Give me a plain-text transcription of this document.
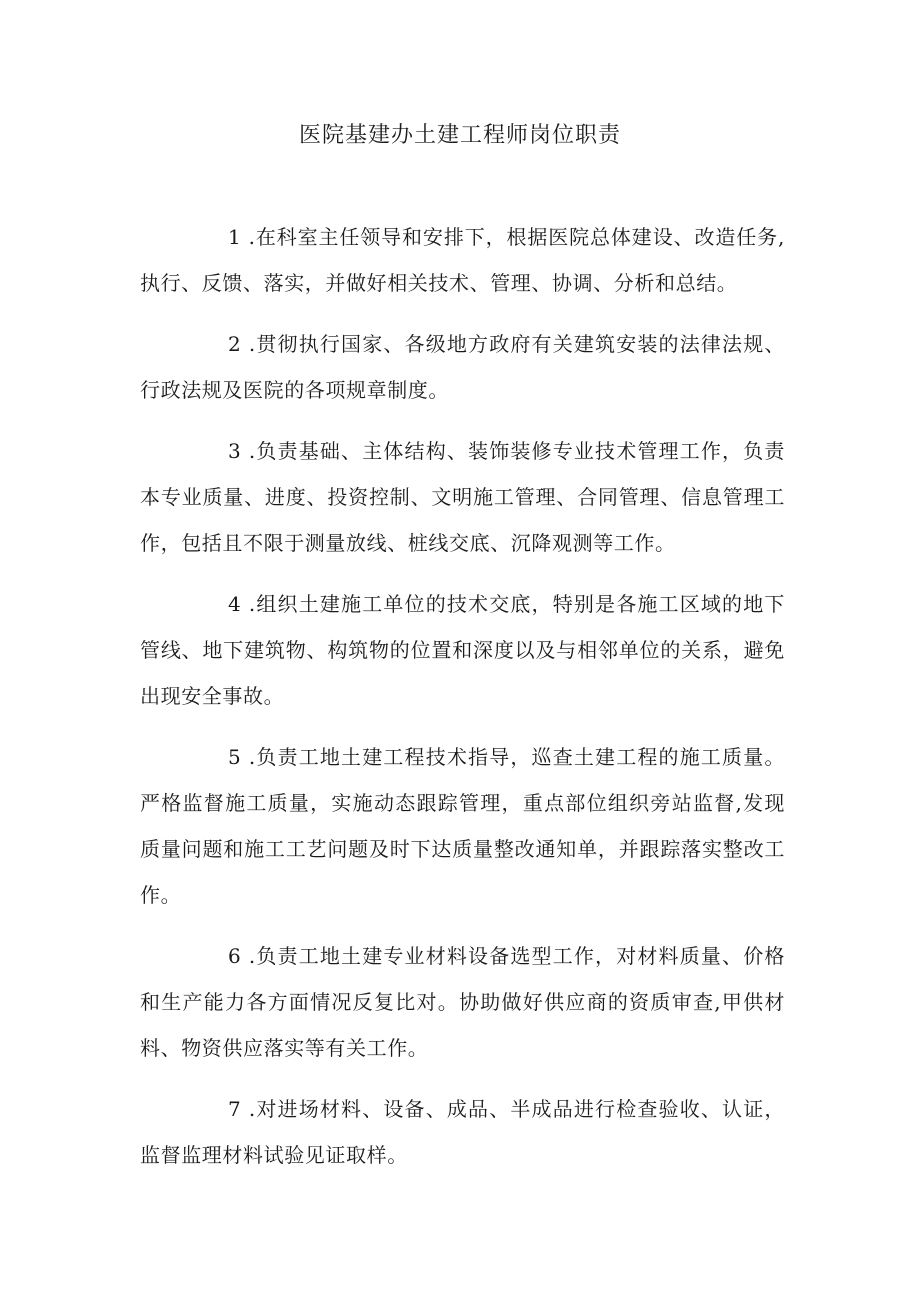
医院基建办土建工程师岗位职责

1 .在科室主任领导和安排下，根据医院总体建设、改造任务,执行、反馈、落实，并做好相关技术、管理、协调、分析和总结。

2 .贯彻执行国家、各级地方政府有关建筑安装的法律法规、行政法规及医院的各项规章制度。

3 .负责基础、主体结构、装饰装修专业技术管理工作，负责本专业质量、进度、投资控制、文明施工管理、合同管理、信息管理工作，包括且不限于测量放线、桩线交底、沉降观测等工作。

4 .组织土建施工单位的技术交底，特别是各施工区域的地下管线、地下建筑物、构筑物的位置和深度以及与相邻单位的关系，避免出现安全事故。

5 .负责工地土建工程技术指导，巡查土建工程的施工质量。严格监督施工质量，实施动态跟踪管理，重点部位组织旁站监督,发现质量问题和施工工艺问题及时下达质量整改通知单，并跟踪落实整改工作。

6 .负责工地土建专业材料设备选型工作，对材料质量、价格和生产能力各方面情况反复比对。协助做好供应商的资质审查,甲供材料、物资供应落实等有关工作。

7 .对进场材料、设备、成品、半成品进行检查验收、认证，监督监理材料试验见证取样。
